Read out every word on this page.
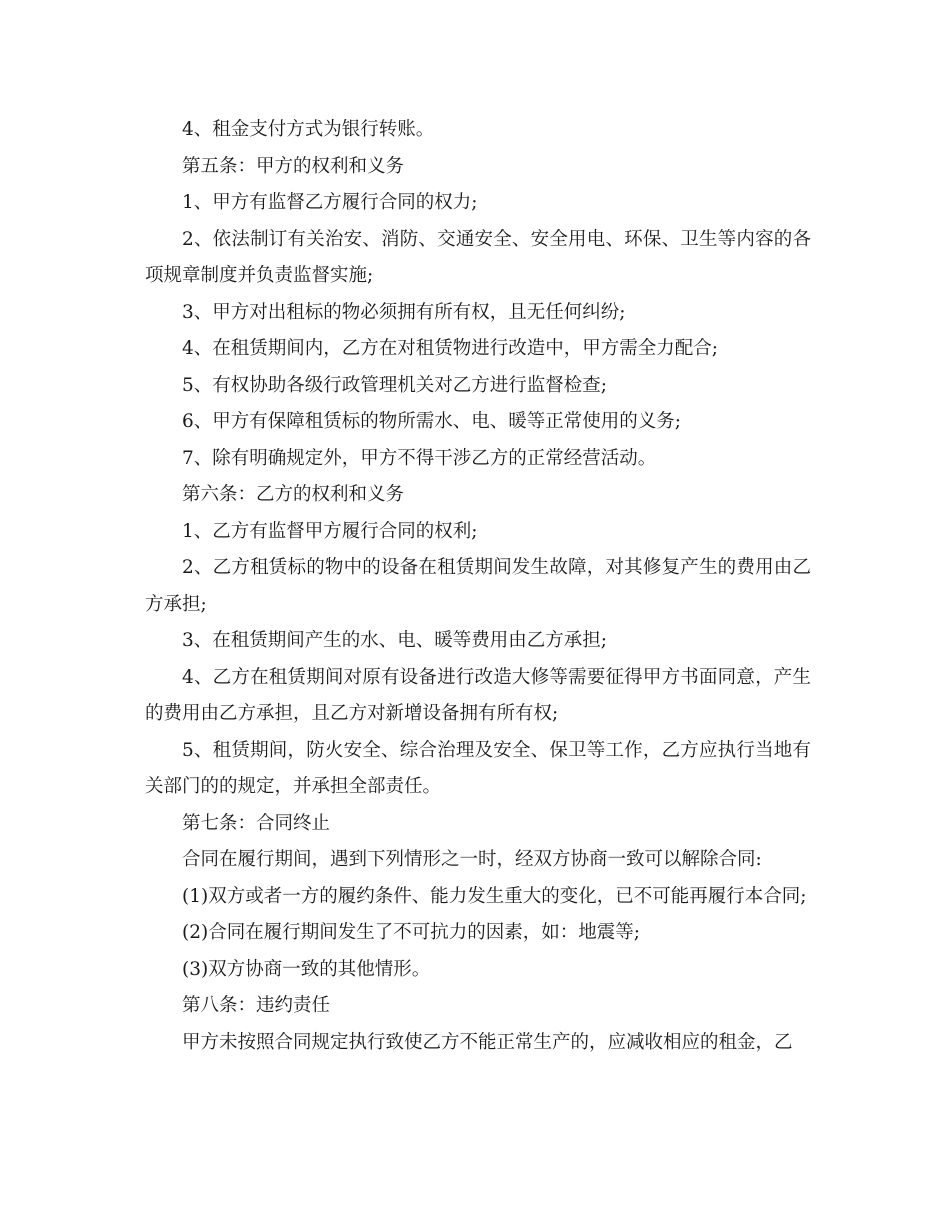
4、租金支付方式为银行转账。

第五条：甲方的权利和义务

1、甲方有监督乙方履行合同的权力;

2、依法制订有关治安、消防、交通安全、安全用电、环保、卫生等内容的各项规章制度并负责监督实施;

3、甲方对出租标的物必须拥有所有权，且无任何纠纷;

4、在租赁期间内，乙方在对租赁物进行改造中，甲方需全力配合;

5、有权协助各级行政管理机关对乙方进行监督检查;

6、甲方有保障租赁标的物所需水、电、暖等正常使用的义务;

7、除有明确规定外，甲方不得干涉乙方的正常经营活动。

第六条：乙方的权利和义务

1、乙方有监督甲方履行合同的权利;

2、乙方租赁标的物中的设备在租赁期间发生故障，对其修复产生的费用由乙方承担;

3、在租赁期间产生的水、电、暖等费用由乙方承担;

4、乙方在租赁期间对原有设备进行改造大修等需要征得甲方书面同意，产生的费用由乙方承担，且乙方对新增设备拥有所有权;

5、租赁期间，防火安全、综合治理及安全、保卫等工作，乙方应执行当地有关部门的的规定，并承担全部责任。

第七条：合同终止

合同在履行期间，遇到下列情形之一时，经双方协商一致可以解除合同:

(1)双方或者一方的履约条件、能力发生重大的变化，已不可能再履行本合同;

(2)合同在履行期间发生了不可抗力的因素，如：地震等;

(3)双方协商一致的其他情形。

第八条：违约责任

甲方未按照合同规定执行致使乙方不能正常生产的，应减收相应的租金，乙
